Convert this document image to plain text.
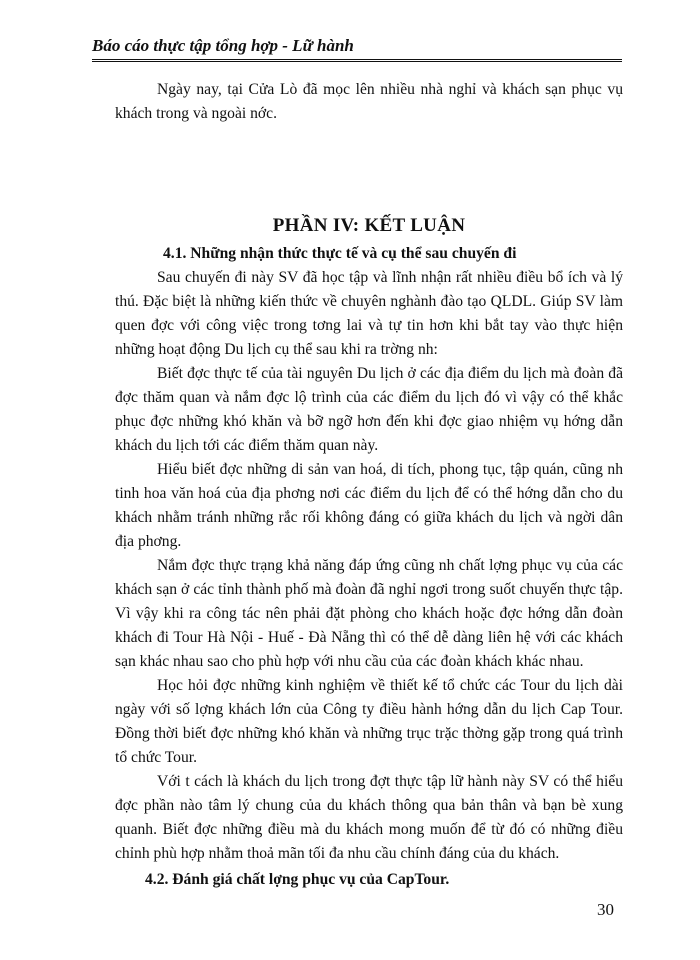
Báo cáo thực tập tổng hợp - Lữ hành

Ngày nay, tại Cửa Lò đã mọc lên nhiều nhà nghỉ và khách sạn phục vụ khách trong và ngoài nớc.

PHẦN IV: KẾT LUẬN
4.1. Những nhận thức thực tế và cụ thể sau chuyến đi

Sau chuyến đi này SV đã học tập và lĩnh nhận rất nhiều điều bổ ích và lý thú. Đặc biệt là những kiến thức về chuyên nghành đào tạo QLDL. Giúp SV làm quen đợc với công việc trong tơng lai và tự tin hơn khi bắt tay vào thực hiện những hoạt động Du lịch cụ thể sau khi ra trờng nh:

Biết đợc thực tế của tài nguyên Du lịch ở các địa điểm du lịch mà đoàn đã đợc thăm quan và nắm đợc lộ trình của các điểm du lịch đó vì vậy có thể khắc phục đợc những khó khăn và bỡ ngỡ hơn đến khi đợc giao nhiệm vụ hớng dẫn khách du lịch tới các điểm thăm quan này.

Hiểu biết đợc những di sản van hoá, di tích, phong tục, tập quán, cũng nh tinh hoa văn hoá của địa phơng nơi các điểm du lịch để có thể hớng dẫn cho du khách nhằm tránh những rắc rối không đáng có giữa khách du lịch và ngời dân địa phơng.

Nắm đợc thực trạng khả năng đáp ứng cũng nh chất lợng phục vụ của các khách sạn ở các tỉnh thành phố mà đoàn đã nghỉ ngơi trong suốt chuyến thực tập. Vì vậy khi ra công tác nên phải đặt phòng cho khách hoặc đợc hớng dẫn đoàn khách đi Tour Hà Nội - Huế - Đà Nẵng thì có thể dễ dàng liên hệ với các khách sạn khác nhau sao cho phù hợp với nhu cầu của các đoàn khách khác nhau.

Học hỏi đợc những kinh nghiệm về thiết kế tổ chức các Tour du lịch dài ngày với số lợng khách lớn của Công ty điều hành hớng dẫn du lịch Cap Tour. Đồng thời biết đợc những khó khăn và những trục trặc thờng gặp trong quá trình tổ chức Tour.

Với t cách là khách du lịch trong đợt thực tập lữ hành này SV có thể hiểu đợc phần nào tâm lý chung của du khách thông qua bản thân và bạn bè xung quanh. Biết đợc những điều mà du khách mong muốn để từ đó có những điều chỉnh phù hợp nhằm thoả mãn tối đa nhu cầu chính đáng của du khách.

4.2. Đánh giá chất lợng phục vụ của CapTour.
30
